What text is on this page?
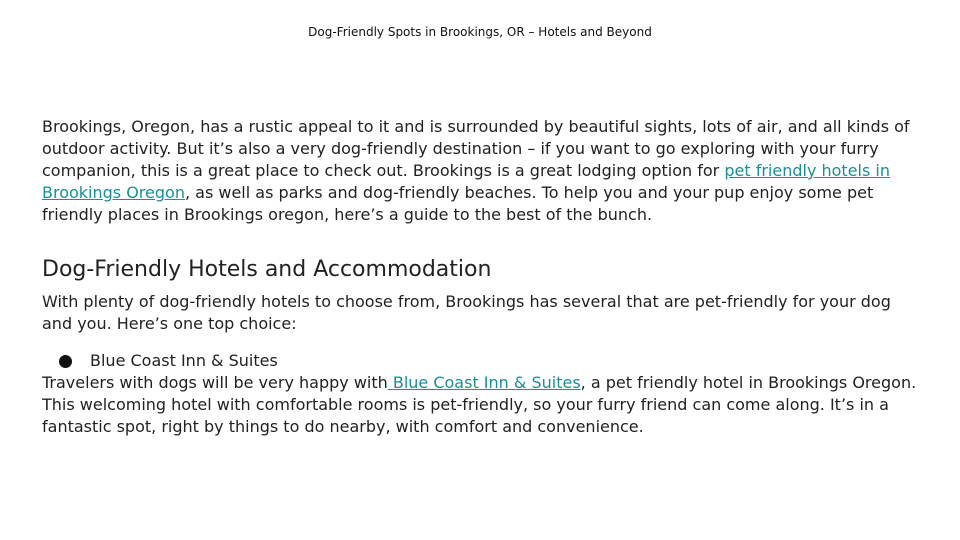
Dog-Friendly Spots in Brookings, OR – Hotels and Beyond

Brookings, Oregon, has a rustic appeal to it and is surrounded by beautiful sights, lots of air, and all kinds of outdoor activity. But it’s also a very dog-friendly destination – if you want to go exploring with your furry companion, this is a great place to check out. Brookings is a great lodging option for pet friendly hotels in Brookings Oregon, as well as parks and dog-friendly beaches. To help you and your pup enjoy some pet friendly places in Brookings oregon, here’s a guide to the best of the bunch.

Dog-Friendly Hotels and Accommodation

With plenty of dog-friendly hotels to choose from, Brookings has several that are pet-friendly for your dog and you. Here’s one top choice:

Blue Coast Inn & Suites

Travelers with dogs will be very happy with Blue Coast Inn & Suites, a pet friendly hotel in Brookings Oregon. This welcoming hotel with comfortable rooms is pet-friendly, so your furry friend can come along. It’s in a fantastic spot, right by things to do nearby, with comfort and convenience.
